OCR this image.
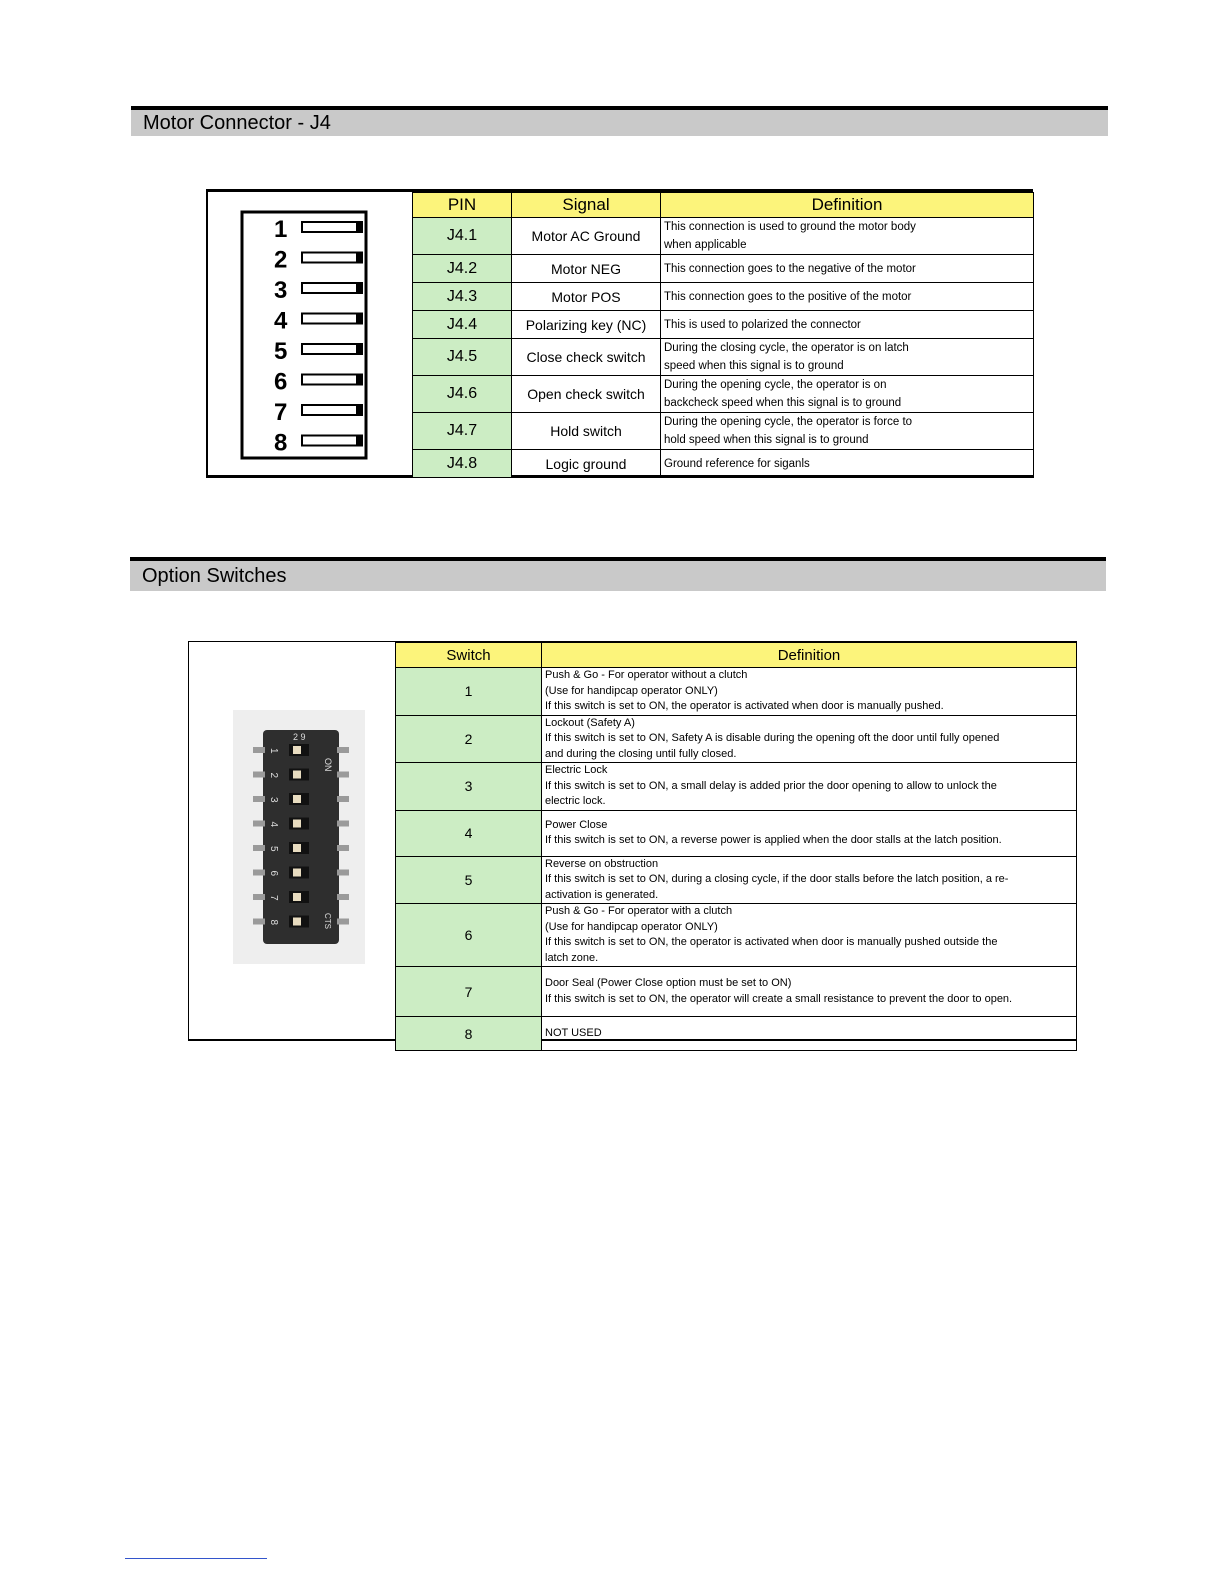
Motor Connector - J4
1
2
3
4
5
6
7
8
PIN	Signal	Definition
J4.1	Motor AC Ground	This connection is used to ground the motor body
when applicable

J4.2	Motor NEG	This connection goes to the negative of the motor

J4.3	Motor POS	This connection goes to the positive of the motor

J4.4	Polarizing key (NC)	This is used to polarized the connector

J4.5	Close check switch	During the closing cycle, the operator is on latch
speed when this signal is to ground

J4.6	Open check switch	During the opening cycle, the operator is on
backcheck speed when this signal is to ground

J4.7	Hold switch	During the opening cycle, the operator is force to
hold speed when this signal is to ground

J4.8	Logic ground	Ground reference for siganls
Option Switches
1
2
3
4
5
6
7
8
2 9
ON
CTS
Switch	Definition
1	Push & Go - For operator without a clutch
(Use for handipcap operator ONLY)
If this switch is set to ON, the operator is activated when door is manually pushed.

2	Lockout (Safety A)
If this switch is set to ON, Safety A is disable during the opening oft the door until fully opened
and during the closing until fully closed.

3	Electric Lock
If this switch is set to ON, a small delay is added prior the door opening to allow to unlock the
electric lock.

4	Power Close
If this switch is set to ON, a reverse power is applied when the door stalls at the latch position.

5	Reverse on obstruction
If this switch is set to ON, during a closing cycle, if the door stalls before the latch position, a re-
activation is generated.

6	Push & Go - For operator with a clutch
(Use for handipcap operator ONLY)
If this switch is set to ON, the operator is activated when door is manually pushed outside the
latch zone.

7	Door Seal (Power Close option must be set to ON)
If this switch is set to ON, the operator will create a small resistance to prevent the door to open.

8	NOT USED
